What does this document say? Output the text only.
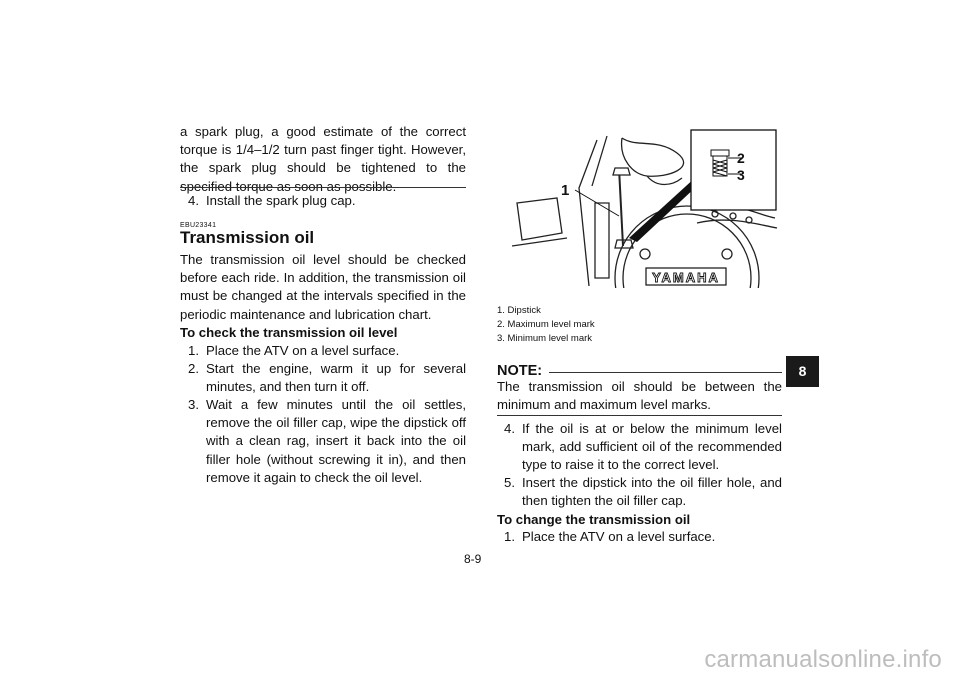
a spark plug, a good estimate of the correct torque is 1/4–1/2 turn past finger tight. However, the spark plug should be tightened to the specified torque as soon as possible.
4. Install the spark plug cap.
EBU23341
Transmission oil
The transmission oil level should be checked before each ride. In addition, the transmission oil must be changed at the intervals specified in the periodic maintenance and lubrication chart.
To check the transmission oil level
1. Place the ATV on a level surface.
2. Start the engine, warm it up for several minutes, and then turn it off.
3. Wait a few minutes until the oil settles, remove the oil filler cap, wipe the dipstick off with a clean rag, insert it back into the oil filler hole (without screwing it in), and then remove it again to check the oil level.
1
2
3
YAMAHA
1. Dipstick
2. Maximum level mark
3. Minimum level mark
NOTE:
The transmission oil should be between the minimum and maximum level marks.
4. If the oil is at or below the minimum level mark, add sufficient oil of the recommended type to raise it to the correct level.
5. Insert the dipstick into the oil filler hole, and then tighten the oil filler cap.
To change the transmission oil
1. Place the ATV on a level surface.
8-9
8
carmanualsonline.info
